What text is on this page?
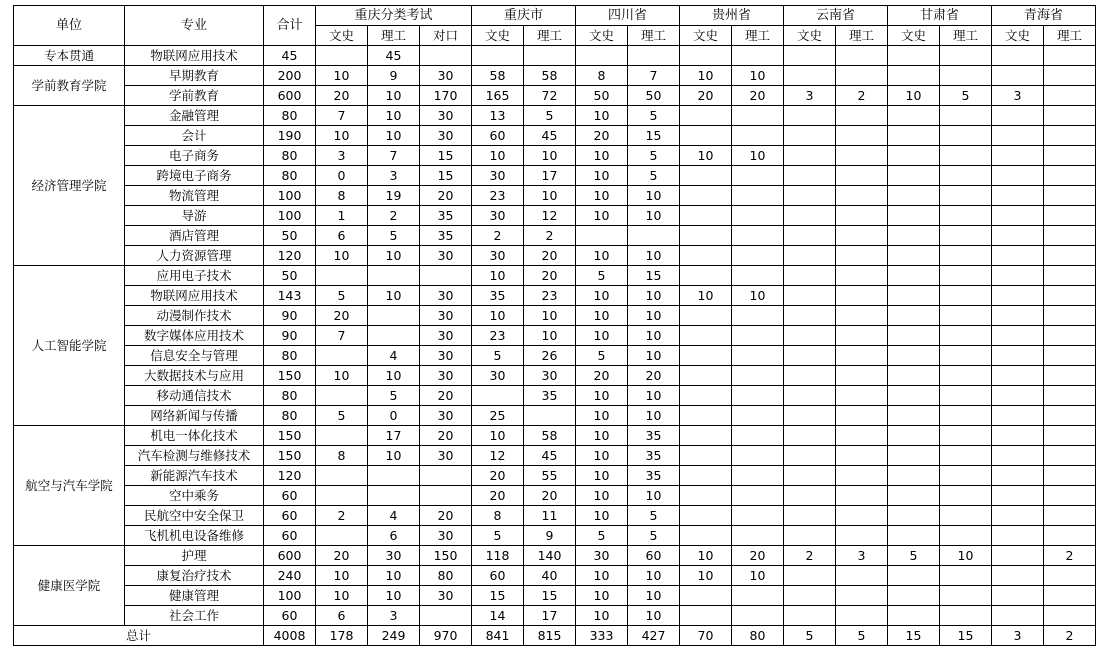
单位	专业	合计	重庆分类考试			重庆市		四川省		贵州省		云南省		甘肃省		青海省	
			文史	理工	对口	文史	理工	文史	理工	文史	理工	文史	理工	文史	理工	文史	理工
专本贯通	物联网应用技术	45		45													
学前教育学院	早期教育	200	10	9	30	58	58	8	7	10	10						
	学前教育	600	20	10	170	165	72	50	50	20	20	3	2	10	5	3	
经济管理学院	金融管理	80	7	10	30	13	5	10	5								
	会计	190	10	10	30	60	45	20	15								
	电子商务	80	3	7	15	10	10	10	5	10	10						
	跨境电子商务	80	0	3	15	30	17	10	5								
	物流管理	100	8	19	20	23	10	10	10								
	导游	100	1	2	35	30	12	10	10								
	酒店管理	50	6	5	35	2	2										
	人力资源管理	120	10	10	30	30	20	10	10								
人工智能学院	应用电子技术	50				10	20	5	15								
	物联网应用技术	143	5	10	30	35	23	10	10	10	10						
	动漫制作技术	90	20		30	10	10	10	10								
	数字媒体应用技术	90	7		30	23	10	10	10								
	信息安全与管理	80		4	30	5	26	5	10								
	大数据技术与应用	150	10	10	30	30	30	20	20								
	移动通信技术	80		5	20		35	10	10								
	网络新闻与传播	80	5	0	30	25		10	10								
航空与汽车学院	机电一体化技术	150		17	20	10	58	10	35								
	汽车检测与维修技术	150	8	10	30	12	45	10	35								
	新能源汽车技术	120				20	55	10	35								
	空中乘务	60				20	20	10	10								
	民航空中安全保卫	60	2	4	20	8	11	10	5								
	飞机机电设备维修	60		6	30	5	9	5	5								
健康医学院	护理	600	20	30	150	118	140	30	60	10	20	2	3	5	10		2
	康复治疗技术	240	10	10	80	60	40	10	10	10	10						
	健康管理	100	10	10	30	15	15	10	10								
	社会工作	60	6	3		14	17	10	10								
总计		4008	178	249	970	841	815	333	427	70	80	5	5	15	15	3	2
